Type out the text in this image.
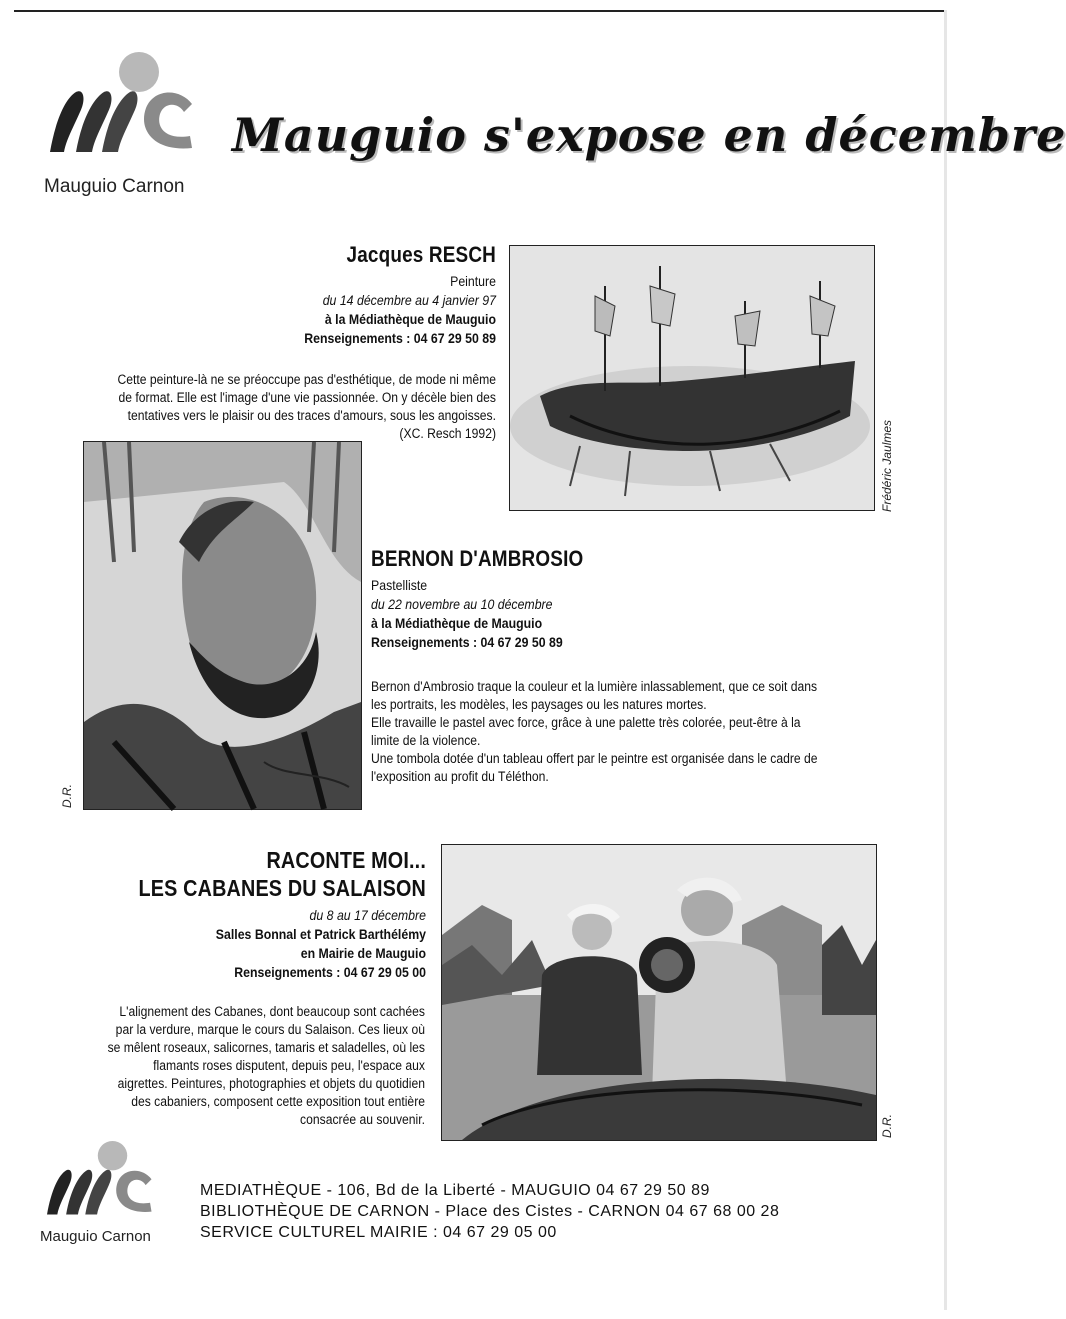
Mauguio Carnon
Mauguio s'expose en décembre
Jacques RESCH
Peinture
du 14 décembre au 4 janvier 97
à la Médiathèque de Mauguio
Renseignements : 04 67 29 50 89
Cette peinture-là ne se préoccupe pas d'esthétique, de mode ni même
de format. Elle est l'image d'une vie passionnée. On y décèle bien des
tentatives vers le plaisir ou des traces d'amours, sous les angoisses.
(XC. Resch 1992)	Frédéric Jaulmes
D.R.
BERNON D'AMBROSIO
Pastelliste
du 22 novembre au 10 décembre
à la Médiathèque de Mauguio
Renseignements : 04 67 29 50 89
Bernon d'Ambrosio traque la couleur et la lumière inlassablement, que ce soit dans
les portraits, les modèles, les paysages ou les natures mortes.
Elle travaille le pastel avec force, grâce à une palette très colorée, peut-être à la
limite de la violence.
Une tombola dotée d'un tableau offert par le peintre est organisée dans le cadre de
l'exposition au profit du Téléthon.
RACONTE MOI...
LES CABANES DU SALAISON
du 8 au 17 décembre
Salles Bonnal et Patrick Barthélémy
en Mairie de Mauguio
Renseignements : 04 67 29 05 00
L'alignement des Cabanes, dont beaucoup sont cachées
par la verdure, marque le cours du Salaison. Ces lieux où
se mêlent roseaux, salicornes, tamaris et saladelles, où les
flamants roses disputent, depuis peu, l'espace aux
aigrettes. Peintures, photographies et objets du quotidien
des cabaniers, composent cette exposition tout entière
consacrée au souvenir.	D.R.
Mauguio Carnon
MEDIATHÈQUE - 106, Bd de la Liberté - MAUGUIO 04 67 29 50 89
BIBLIOTHÈQUE DE CARNON - Place des Cistes - CARNON 04 67 68 00 28
SERVICE CULTUREL MAIRIE : 04 67 29 05 00
